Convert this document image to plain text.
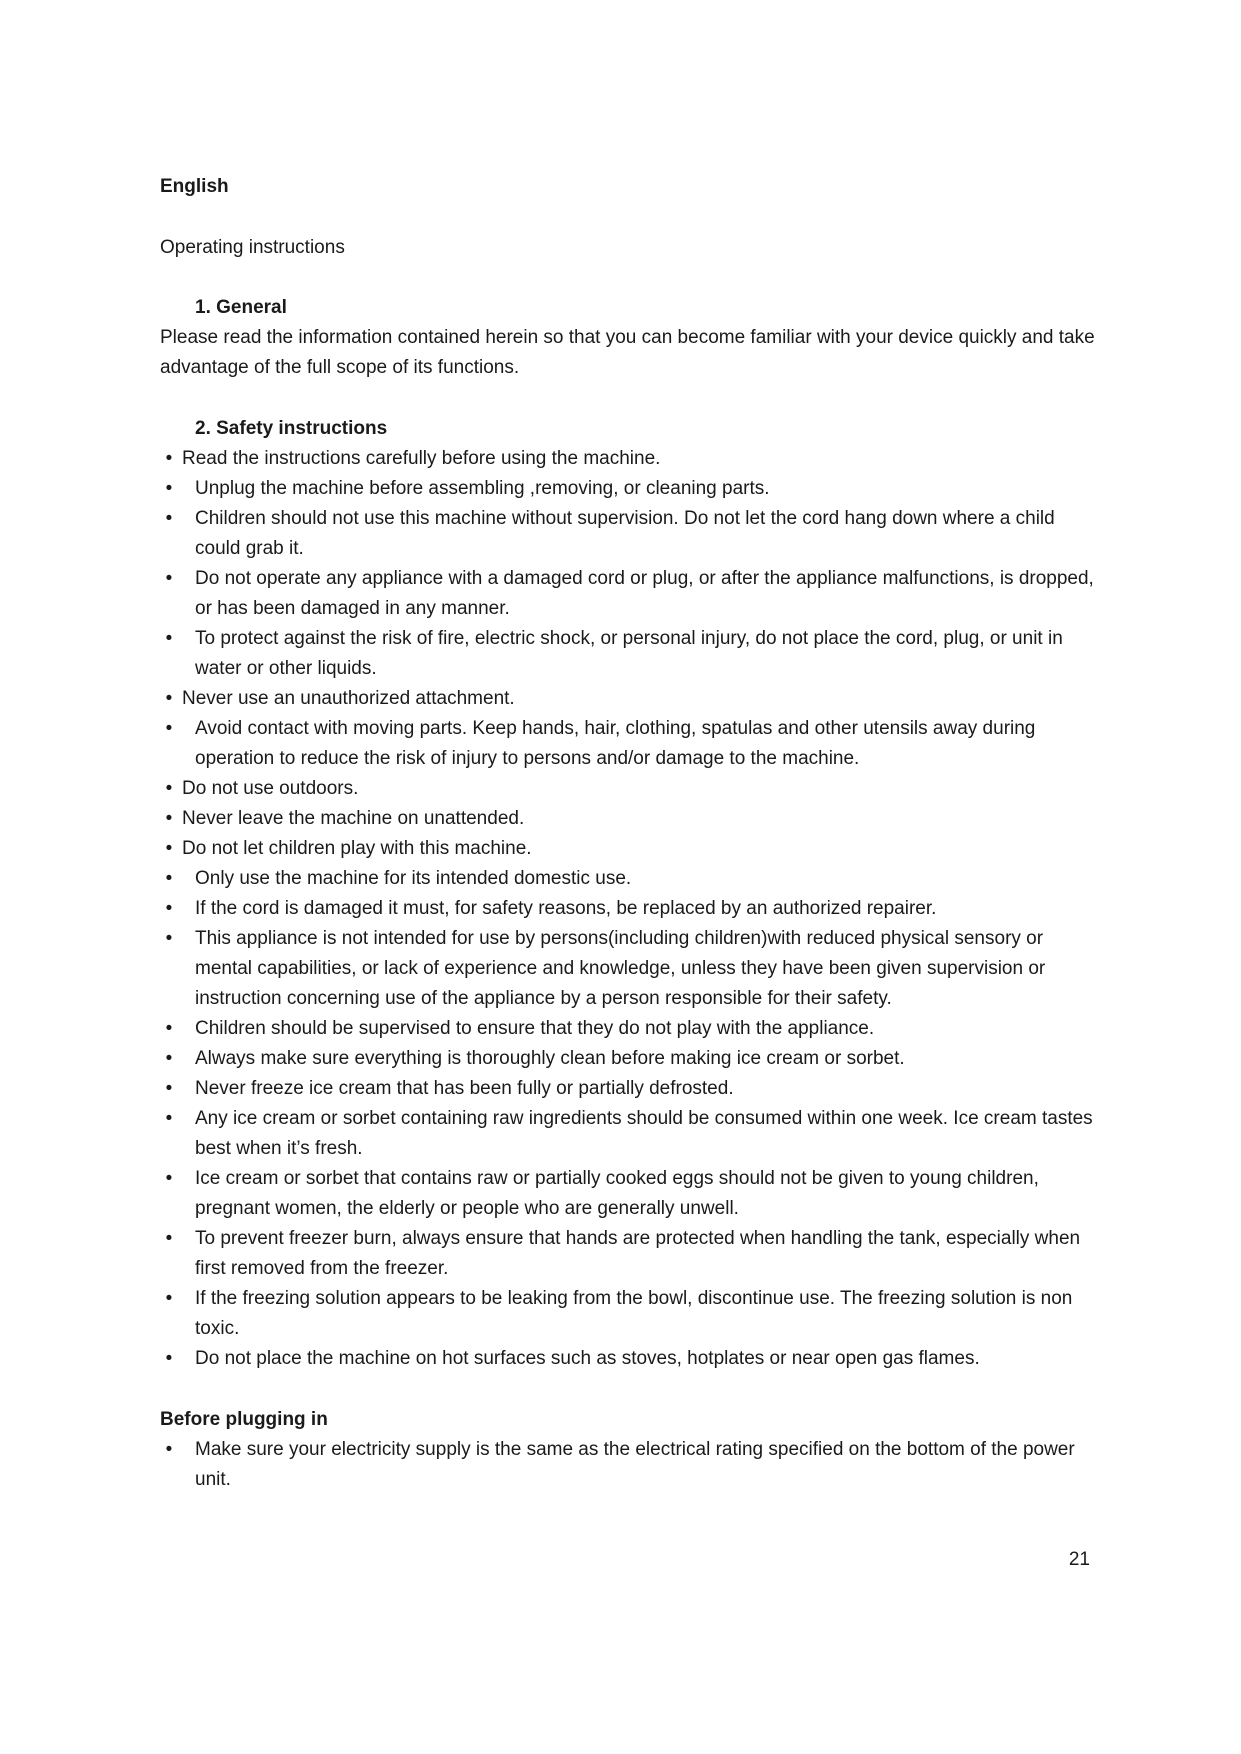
English

Operating instructions

1. General

Please read the information contained herein so that you can become familiar with your device quickly and take advantage of the full scope of its functions.

2. Safety instructions

• Read the instructions carefully before using the machine.
• Unplug the machine before assembling ,removing, or cleaning parts.
• Children should not use this machine without supervision. Do not let the cord hang down where a child could grab it.
• Do not operate any appliance with a damaged cord or plug, or after the appliance malfunctions, is dropped, or has been damaged in any manner.
• To protect against the risk of fire, electric shock, or personal injury, do not place the cord, plug, or unit in water or other liquids.
• Never use an unauthorized attachment.
• Avoid contact with moving parts. Keep hands, hair, clothing, spatulas and other utensils away during operation to reduce the risk of injury to persons and/or damage to the machine.
• Do not use outdoors.
• Never leave the machine on unattended.
• Do not let children play with this machine.
• Only use the machine for its intended domestic use.
• If the cord is damaged it must, for safety reasons, be replaced by an authorized repairer.
• This appliance is not intended for use by persons(including children)with reduced physical sensory or mental capabilities, or lack of experience and knowledge, unless they have been given supervision or instruction concerning use of the appliance by a person responsible for their safety.
• Children should be supervised to ensure that they do not play with the appliance.
• Always make sure everything is thoroughly clean before making ice cream or sorbet.
• Never freeze ice cream that has been fully or partially defrosted.
• Any ice cream or sorbet containing raw ingredients should be consumed within one week. Ice cream tastes best when it’s fresh.
• Ice cream or sorbet that contains raw or partially cooked eggs should not be given to young children, pregnant women, the elderly or people who are generally unwell.
• To prevent freezer burn, always ensure that hands are protected when handling the tank, especially when first removed from the freezer.
• If the freezing solution appears to be leaking from the bowl, discontinue use. The freezing solution is non toxic.
• Do not place the machine on hot surfaces such as stoves, hotplates or near open gas flames.

Before plugging in

• Make sure your electricity supply is the same as the electrical rating specified on the bottom of the power unit.
21
